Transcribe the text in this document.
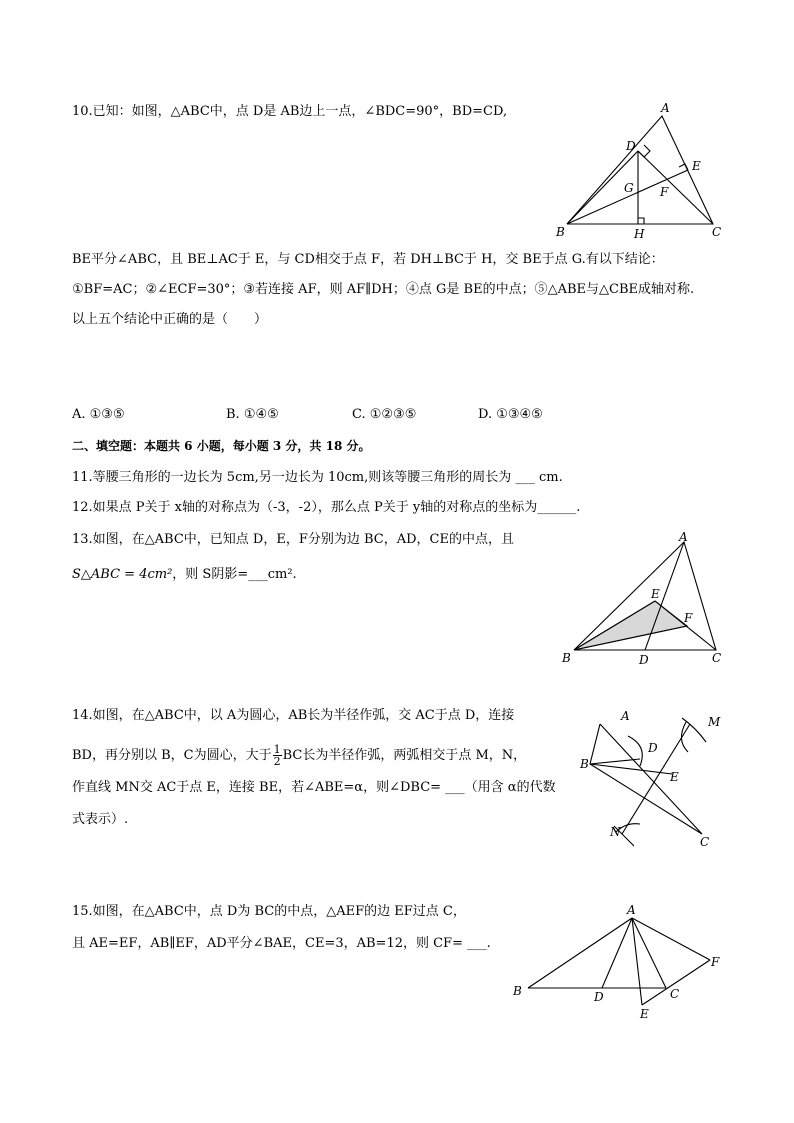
10.已知：如图，△ABC中，点 D是 AB边上一点，∠BDC=90°，BD=CD,
BE平分∠ABC，且 BE⊥AC于 E，与 CD相交于点 F，若 DH⊥BC于 H，交 BE于点 G.有以下结论：
①BF=AC；②∠ECF=30°；③若连接 AF，则 AF∥DH；④点 G是 BE的中点；⑤△ABE与△CBE成轴对称.
以上五个结论中正确的是（　　）
A
B	C
D
E
F
G
H
A. ①③⑤	B. ①④⑤	C. ①②③⑤	D. ①③④⑤
二、填空题：本题共 6 小题，每小题 3 分，共 18 分。
11.等腰三角形的一边长为 5cm,另一边长为 10cm,则该等腰三角形的周长为 ___ cm.
12.如果点 P关于 x轴的对称点为（-3，-2），那么点 P关于 y轴的对称点的坐标为______.
13.如图，在△ABC中，已知点 D，E，F分别为边 BC，AD，CE的中点，且
S△ABC = 4cm²，则 S阴影=___cm².
A
B	C
D
E
F
14.如图，在△ABC中，以 A为圆心，AB长为半径作弧，交 AC于点 D，连接
BD，再分别以 B，C为圆心，大于 $\frac{1}{2}$ BC长为半径作弧，两弧相交于点 M，N，
作直线 MN交 AC于点 E，连接 BE，若∠ABE=α，则∠DBC= ___（用含 α的代数
式表示）.
A
B
C
D
E
M
N
15.如图，在△ABC中，点 D为 BC的中点，△AEF的边 EF过点 C，
且 AE=EF，AB∥EF，AD平分∠BAE，CE=3，AB=12，则 CF= ___.
A
B	C
D
E
F
